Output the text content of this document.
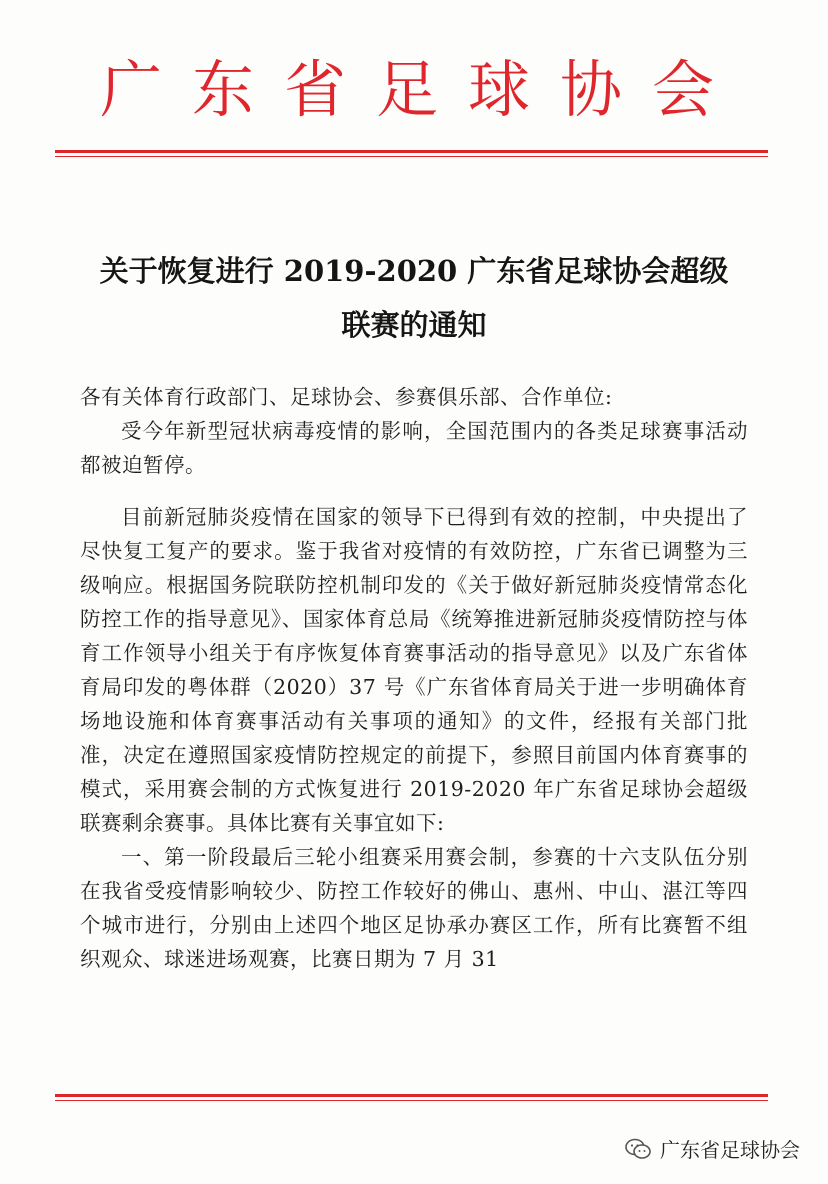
广东省足球协会
关于恢复进行 2019-2020 广东省足球协会超级
联赛的通知

各有关体育行政部门、足球协会、参赛俱乐部、合作单位:

受今年新型冠状病毒疫情的影响，全国范围内的各类足球赛事活动都被迫暂停。

目前新冠肺炎疫情在国家的领导下已得到有效的控制，中央提出了尽快复工复产的要求。鉴于我省对疫情的有效防控，广东省已调整为三级响应。根据国务院联防控机制印发的《关于做好新冠肺炎疫情常态化防控工作的指导意见》、国家体育总局《统筹推进新冠肺炎疫情防控与体育工作领导小组关于有序恢复体育赛事活动的指导意见》以及广东省体育局印发的粤体群（2020）37 号《广东省体育局关于进一步明确体育场地设施和体育赛事活动有关事项的通知》的文件，经报有关部门批准，决定在遵照国家疫情防控规定的前提下，参照目前国内体育赛事的模式，采用赛会制的方式恢复进行 2019-2020 年广东省足球协会超级联赛剩余赛事。具体比赛有关事宜如下:

一、第一阶段最后三轮小组赛采用赛会制，参赛的十六支队伍分别在我省受疫情影响较少、防控工作较好的佛山、惠州、中山、湛江等四个城市进行，分别由上述四个地区足协承办赛区工作，所有比赛暂不组织观众、球迷进场观赛，比赛日期为 7 月 31

广东省足球协会
